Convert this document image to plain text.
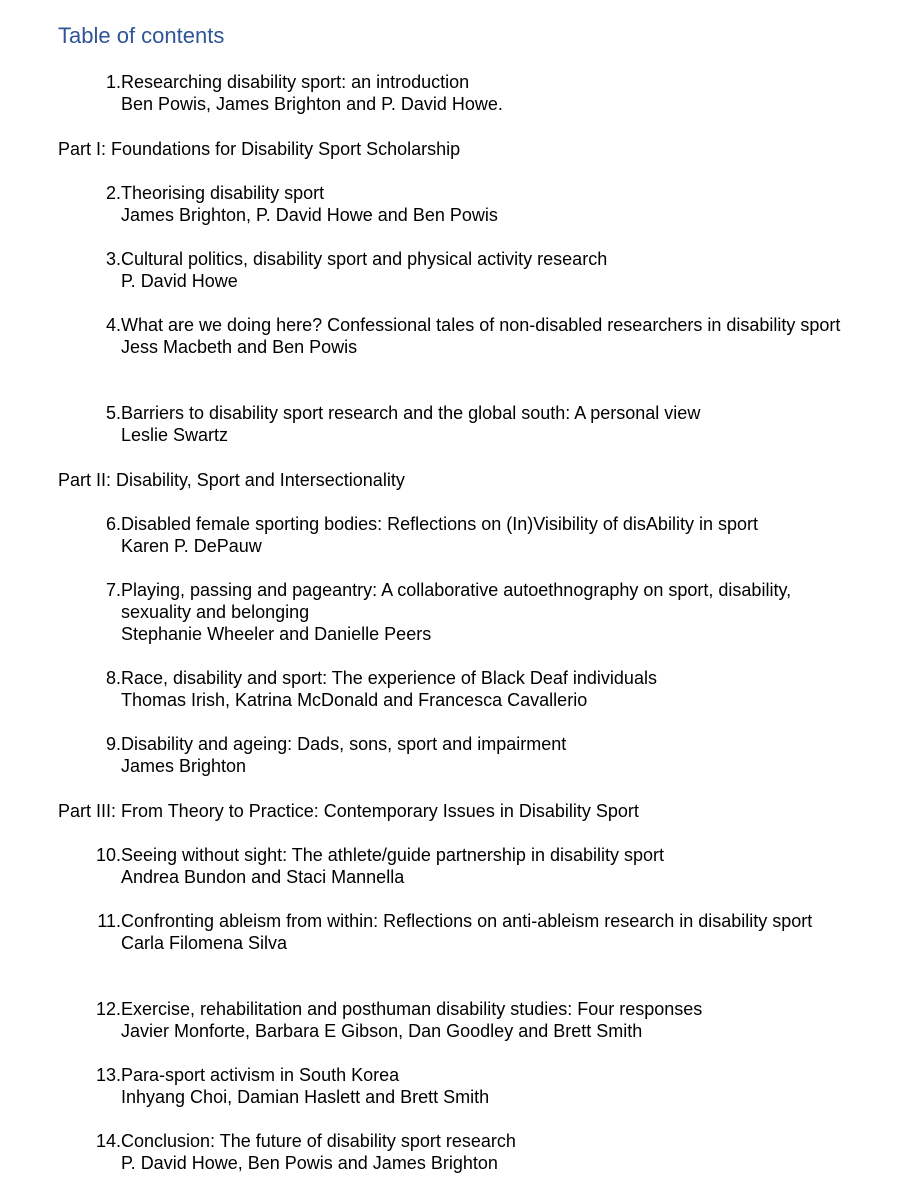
Table of contents
1. Researching disability sport: an introduction
Ben Powis, James Brighton and P. David Howe.
Part I: Foundations for Disability Sport Scholarship
2. Theorising disability sport
James Brighton, P. David Howe and Ben Powis
3. Cultural politics, disability sport and physical activity research
P. David Howe
4. What are we doing here? Confessional tales of non-disabled researchers in disability sport
Jess Macbeth and Ben Powis
5. Barriers to disability sport research and the global south: A personal view
Leslie Swartz
Part II: Disability, Sport and Intersectionality
6. Disabled female sporting bodies: Reflections on (In)Visibility of disAbility in sport
Karen P. DePauw
7. Playing, passing and pageantry: A collaborative autoethnography on sport, disability, sexuality and belonging
Stephanie Wheeler and Danielle Peers
8. Race, disability and sport: The experience of Black Deaf individuals
Thomas Irish, Katrina McDonald and Francesca Cavallerio
9. Disability and ageing: Dads, sons, sport and impairment
James Brighton
Part III: From Theory to Practice: Contemporary Issues in Disability Sport
10. Seeing without sight: The athlete/guide partnership in disability sport
Andrea Bundon and Staci Mannella
11. Confronting ableism from within: Reflections on anti-ableism research in disability sport
Carla Filomena Silva
12. Exercise, rehabilitation and posthuman disability studies: Four responses
Javier Monforte, Barbara E Gibson, Dan Goodley and Brett Smith
13. Para-sport activism in South Korea
Inhyang Choi, Damian Haslett and Brett Smith
14. Conclusion: The future of disability sport research
P. David Howe, Ben Powis and James Brighton
